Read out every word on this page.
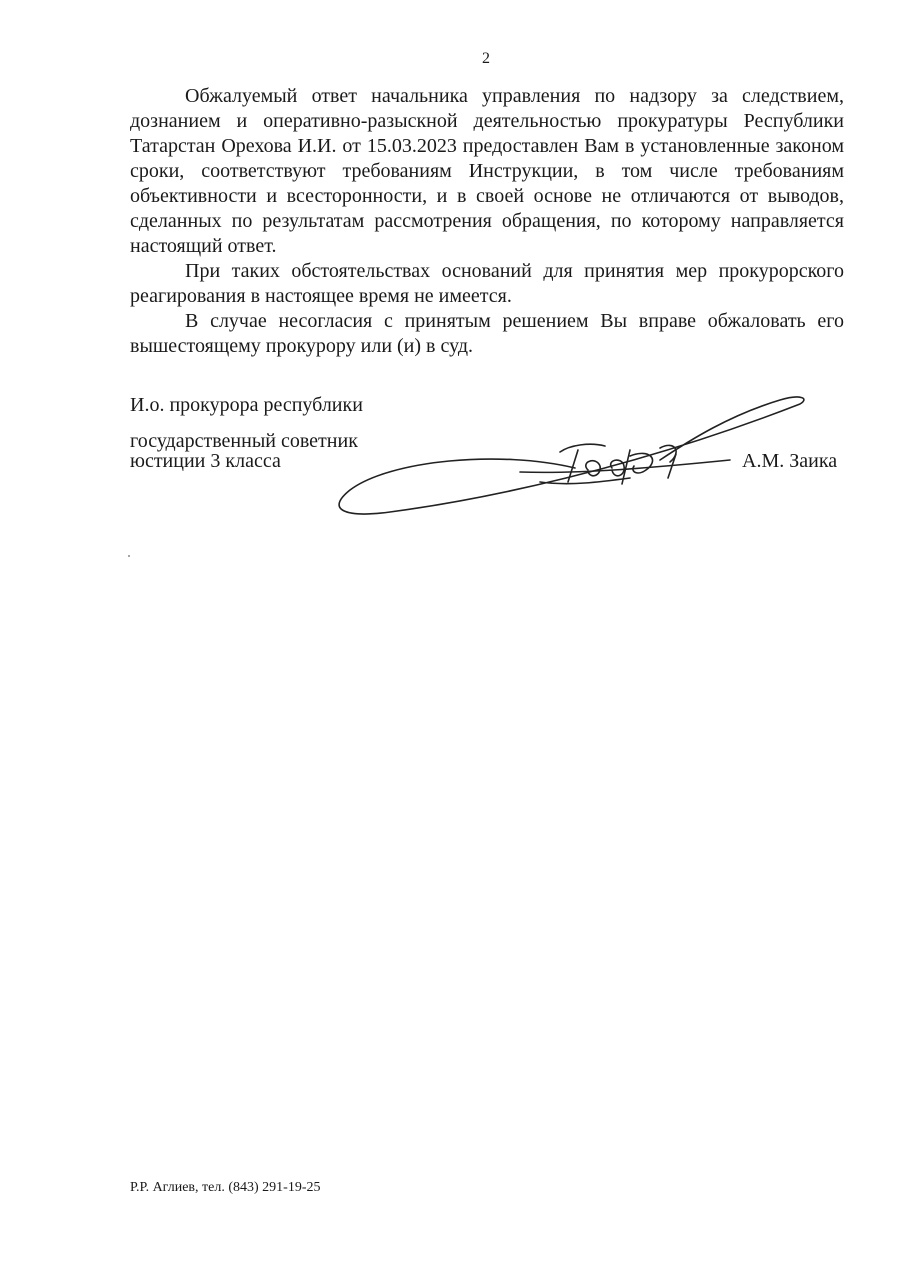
2

Обжалуемый ответ начальника управления по надзору за следствием, дознанием и оперативно-разыскной деятельностью прокуратуры Республики Татарстан Орехова И.И. от 15.03.2023 предоставлен Вам в установленные законом сроки, соответствуют требованиям Инструкции, в том числе требованиям объективности и всесторонности, и в своей основе не отличаются от выводов, сделанных по результатам рассмотрения обращения, по которому направляется настоящий ответ.

При таких обстоятельствах оснований для принятия мер прокурорского реагирования в настоящее время не имеется.

В случае несогласия с принятым решением Вы вправе обжаловать его вышестоящему прокурору или (и) в суд.

И.о. прокурора республики
государственный советник
юстиции 3 класса	А.М. Заика
Р.Р. Аглиев, тел. (843) 291-19-25
